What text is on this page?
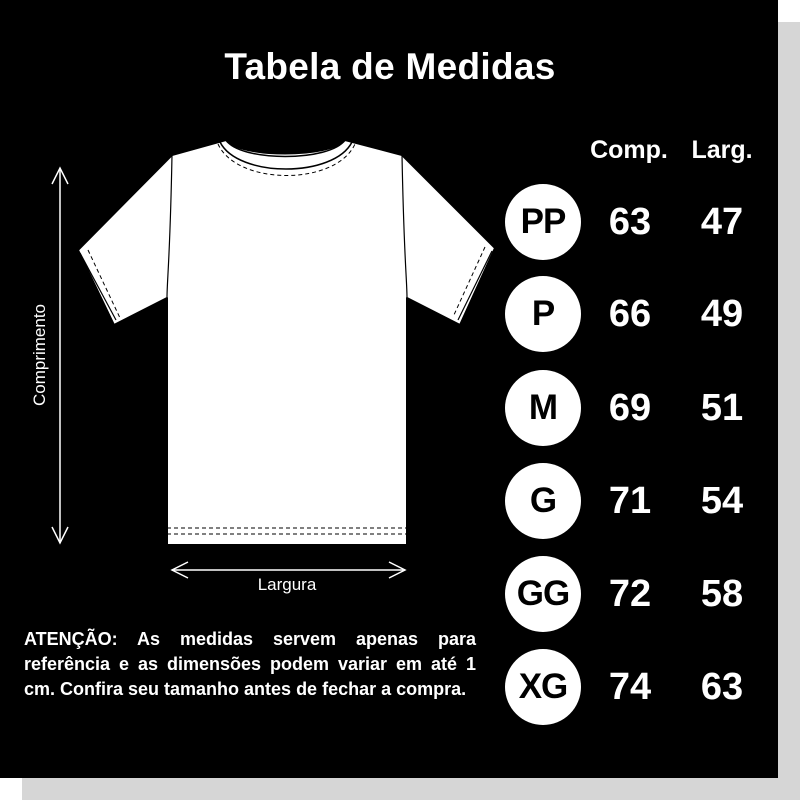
Tabela de Medidas
Comp. Larg.
PP	63	47
P	66	49
M	69	51
G	71	54
GG	72	58
XG	74	63
Comprimento
Largura
ATENÇÃO: As medidas servem apenas para referência e as dimensões podem variar em até 1 cm. Confira seu tamanho antes de fechar a compra.
